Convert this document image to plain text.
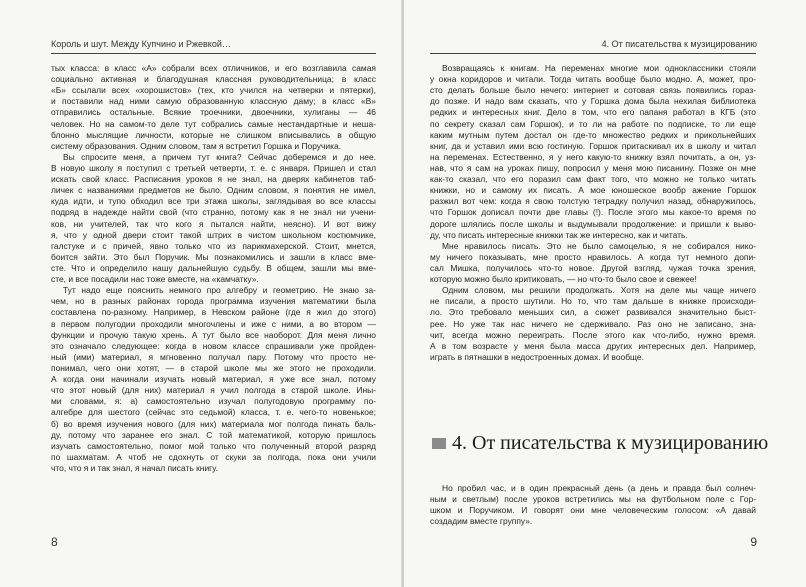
Король и шут. Между Купчино и Ржевкой…
тых класса: в класс «А» собрали всех отличников, и его возглавила самая
социально активная и благодушная классная руководительница; в класс
«Б» ссылали всех «хорошистов» (тех, кто учился на четверки и пятерки),
и поставили над ними самую образованную классную даму; в класс «В»
отправились остальные. Всякие троечники, двоечники, хулиганы — 46
человек. Но на самом-то деле тут собрались самые нестандартные и неша-
блонно мыслящие личности, которые не слишком вписывались в общую
систему образования. Одним словом, там я встретил Горшка и Поручика.
Вы спросите меня, а причем тут книга? Сейчас доберемся и до нее.
В новую школу я поступил с третьей четверти, т. е. с января. Пришел и стал
искать свой класс. Расписания уроков я не знал, на дверях кабинетов таб-
личек с названиями предметов не было. Одним словом, я понятия не имел,
куда идти, и тупо обходил все три этажа школы, заглядывая во все классы
подряд в надежде найти свой (что странно, потому как я не знал ни учени-
ков, ни учителей, так что кого я пытался найти, неясно). И вот вижу
я, что у одной двери стоит такой штрих в чистом школьном костюмчике,
галстуке и с причей, явно только что из парикмахерской. Стоит, мнется,
боится зайти. Это был Поручик. Мы познакомились и зашли в класс вме-
сте. Что и определило нашу дальнейшую судьбу. В общем, зашли мы вме-
сте, и все посадили нас тоже вместе, на «камчатку».
Тут надо еще пояснить немного про алгебру и геометрию. Не знаю за-
чем, но в разных районах города программа изучения математики была
составлена по-разному. Например, в Невском районе (где я жил до этого)
в первом полугодии проходили многочлены и иже с ними, а во втором —
функции и прочую такую хрень. А тут было все наоборот. Для меня лично
это означало следующее: когда в новом классе спрашивали уже пройден-
ный (ими) материал, я мгновенно получал пару. Потому что просто не-
понимал, чего они хотят, — в старой школе мы же этого не проходили.
А когда они начинали изучать новый материал, я уже все знал, потому
что этот новый (для них) материал я учил полгода в старой школе. Ины-
ми словами, я: а) самостоятельно изучал полугодовую программу по-
алгебре для шестого (сейчас это седьмой) класса, т. е. чего-то новенькое;
б) во время изучения нового (для них) материала мог полгода пинать баль-
ду, потому что заранее его знал. С той математикой, которую пришлось
изучать самостоятельно, помог мой только что полученный второй разряд
по шахматам. А чтоб не сдохнуть от скуки за полгода, пока они учили
что, что я и так знал, я начал писать книгу.
8
4. От писательства к музицированию
Возвращаясь к книгам. На переменах многие мои одноклассники стояли
у окна коридоров и читали. Тогда читать вообще было модно. А, может, про-
сто делать больше было нечего: интернет и сотовая связь появились гораз-
до позже. И надо вам сказать, что у Горшка дома была нехилая библиотека
редких и интересных книг. Дело в том, что его папаня работал в КГБ (это
по секрету сказал сам Горшок), и то ли на работе по подписке, то ли еще
каким мутным путем достал он где-то множество редких и прикольнейших
книг, да и уставил ими всю гостиную. Горшок притаскивал их в школу и читал
на переменах. Естественно, я у него какую-то книжку взял почитать, а он, уз-
нав, что я сам на уроках пишу, попросил у меня мою писанину. Позже он мне
как-то сказал, что его поразил сам факт того, что можно не только читать
книжки, но и самому их писать. А мое юношеское вообр ажение Горшок
разжил вот чем: когда я свою толстую тетрадку получил назад, обнаружилось,
что Горшок дописал почти две главы (!). После этого мы какое-то время по
дороге шлялись после школы и выдумывали продолжение: и пришли к выво-
ду, что писать интересные книжки так же интересно, как и читать.
Мне нравилось писать. Это не было самоцелью, я не собирался нико-
му ничего показывать, мне просто нравилось. А когда тут немного допи-
сал Мишка, получилось что-то новое. Другой взгляд, чужая точка зрения,
которую можно было критиковать, — но что-то было свое и свежее!
Одним словом, мы решили продолжать. Хотя на деле мы чаще ничего
не писали, а просто шутили. Но то, что там дальше в книжке происходи-
ло. Это требовало меньших сил, а сюжет развивался значительно быст-
рее. Но уже так нас ничего не сдерживало. Раз оно не записано, зна-
чит, всегда можно переиграть. После этого как что-либо, нужно время.
А в том возрасте у меня была масса других интересных дел. Например,
играть в пятнашки в недостроенных домах. И вообще.
4. От писательства к музицированию
Но пробил час, и в один прекрасный день (а день и правда был солнеч-
ным и светлым) после уроков встретились мы на футбольном поле с Гор-
шком и Поручиком. И говорят они мне человеческим голосом: «А давай
создадим вместе группу».
9
